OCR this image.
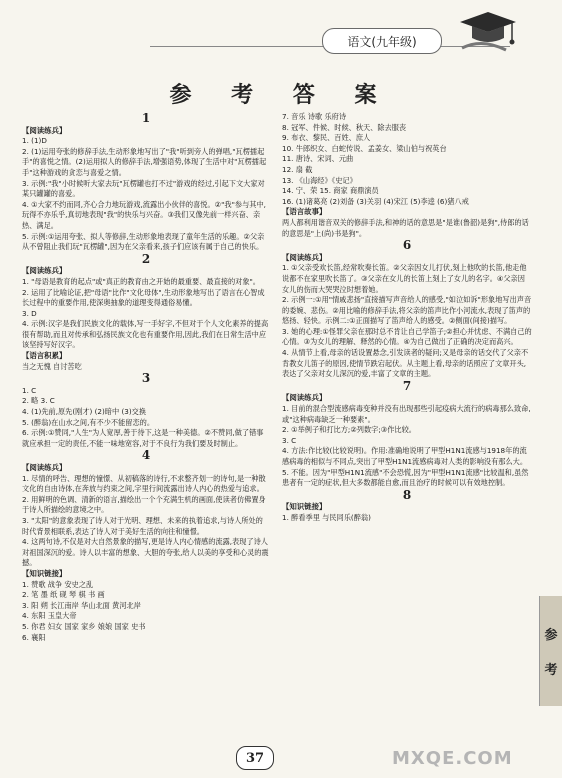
语文(九年级)
参 考 答 案
1
【阅读练兵】
1. (1)D
2. (1)运用夸张的修辞手法,生动形象地写出了"我"听到旁人的弹唱,"瓦楞擂起手"的喜悦之情。(2)运用拟人的修辞手法,增强语势,体现了生活中对"瓦楞擂起手"这种游戏的贪恋与喜爱之情。
3. 示例:"我"小时候听大家去玩"瓦楞罐也打不过"游戏的经过,引起下文大家对某只罐罐的喜爱。
4. ①大家不约而同,齐心合力地玩游戏,流露出小伙伴的喜悦。②"我"参与其中,玩得不亦乐乎,真切地表现"我"的快乐与兴奋。③我们又像先前一样兴奋、亲热、满足。
5. 示例:①运用夸张、拟人等修辞,生动形象地表现了童年生活的乐趣。②父亲从不曾阻止我们玩"瓦楞罐",因为在父亲看来,孩子们应该有属于自己的快乐。
2
【阅读练兵】
1. "母语是教育的起点"或"真正的教育由之开始的最重要、最直接的对象"。
2. 运用了比喻论证,把"母语"比作"文化母体",生动形象地写出了语言在心智成长过程中的重要作用,使深奥抽象的道理变得通俗易懂。
3. D
4. 示例:汉字是我们民族文化的载体,写一手好字,不但对于个人文化素养的提高很有帮助,而且对传承和弘扬民族文化也有重要作用,因此,我们在日常生活中应该坚持写好汉字。
【语言积累】
当之无愧 自讨苦吃
3
1. C
2. 略 3. C
4. (1)先前,原先(刚才) (2)暗中 (3)交换
5. (醉翁)在山水之间,有不少不能留恋的。
6. 示例:①赞同,"人生"为人宽厚,善于待下,这是一种美德。②不赞同,做了错事就应承担一定的责任,不能一味地宽容,对于不良行为我们要及时制止。
4
【阅读练兵】
1. 尽情的呼告、理想的憧憬、从初稿落的诗行,不求整齐划一的诗句,是一种散文化的自由诗体,在奔放与约束之间,字里行间流露出诗人内心的热爱与追求。
2. 用鲜明的色调、清新的语言,描绘出一个个充满生机的画面,使读者仿佛置身于诗人所描绘的意境之中。
3. "太阳"的意象表现了诗人对于光明、理想、未来的执着追求,与诗人所处的时代背景相联系,表达了诗人对于美好生活的向往和憧憬。
4. 这两句诗,不仅是对大自然景象的描写,更是诗人内心情感的流露,表现了诗人对祖国深沉的爱。诗人以丰富的想象、大胆的夸张,给人以美的享受和心灵的震撼。
【知识链接】
1. 赞歌 战争 安史之乱
2. 笔 墨 纸 砚 琴 棋 书 画
3. 阳 朔 长江南岸 华山北面 黄河北岸
4. 东阳 玉皇大帝
5. 你君 妇女 国家 家乡 娘娘 国家 史书
6. 襄阳
7. 音乐 诗歌 乐府诗
8. 冠军、件候、时候、秋天、除去服丧
9. 布衣、黎民、百姓、庶人
10. 牛郎织女、白蛇传说、孟姜女、梁山伯与祝英台
11. 唐诗、宋词、元曲
12. 扇 截
13. 《山海经》《史记》
14. 宁、荣 15. 商家 商鼎演员
16. (1)诸葛亮 (2)刘备 (3)关羽 (4)宋江 (5)李逵 (6)猪八戒
【语言故事】
两人都利用谐音双关的修辞手法,和神的话的意思是"是谁(鲁韶)是狗",侍郎的话的意思是"上(尚)书是狗"。
6
【阅读练兵】
1. ①父亲受欢长笛,经常吹奏长笛。②父亲因女儿打伏,刻上他吹的长笛,他走他说都不在家里吹长笛了。③父亲在女儿的长笛上刻上了女儿的名字。④父亲因女儿的伤而大哭哭泣时想着她。
2. 示例一:①用"情戚悲扬"直接描写声音给人的感受,"如泣如诉"形象地写出声音的委婉、悲伤。②用比喻的修辞手法,将父亲的笛声比作小河流水,表现了笛声的悠扬、轻快。示例二:①正面描写了笛声给人的感受。②侧面(间接)描写。
3. 她的心理:①怪罪父亲在那时总不肯让自己学笛子;②担心并忧虑、不满自己的心情。③为女儿的理解、释然的心情。④为自己做出了正确的决定而高兴。
4. 从情节上看,母亲的话设置悬念,引发读者的疑问;又是母亲的话交代了父亲不肯教女儿笛子的原因,使情节跌宕起伏。从主题上看,母亲的话照应了文章开头,表达了父亲对女儿深沉的爱,丰富了文章的主题。
7
【阅读练兵】
1. 目前的混合型流感病毒变种并没有出现那些引起疫病大流行的病毒那么致命,或"这种病毒缺乏一种要素"。
2. ①举例子和打比方;②列数字;③作比较。
3. C
4. 方法:作比较(比较说明)。作用:准确地说明了甲型H1N1流感与1918年的流感病毒的相似与不同点,突出了甲型H1N1流感病毒对人类的影响没有那么大。
5. 不能。因为"甲型H1N1流感"不会恐慌,因为"甲型H1N1流感"比较温和,虽然患者有一定的症状,但大多数都能自愈,而且治疗的时候可以有效地控制。
8
【知识链接】
1. 醉看季里 与民同乐(醉翁)
参
考
37	MXQE.COM
